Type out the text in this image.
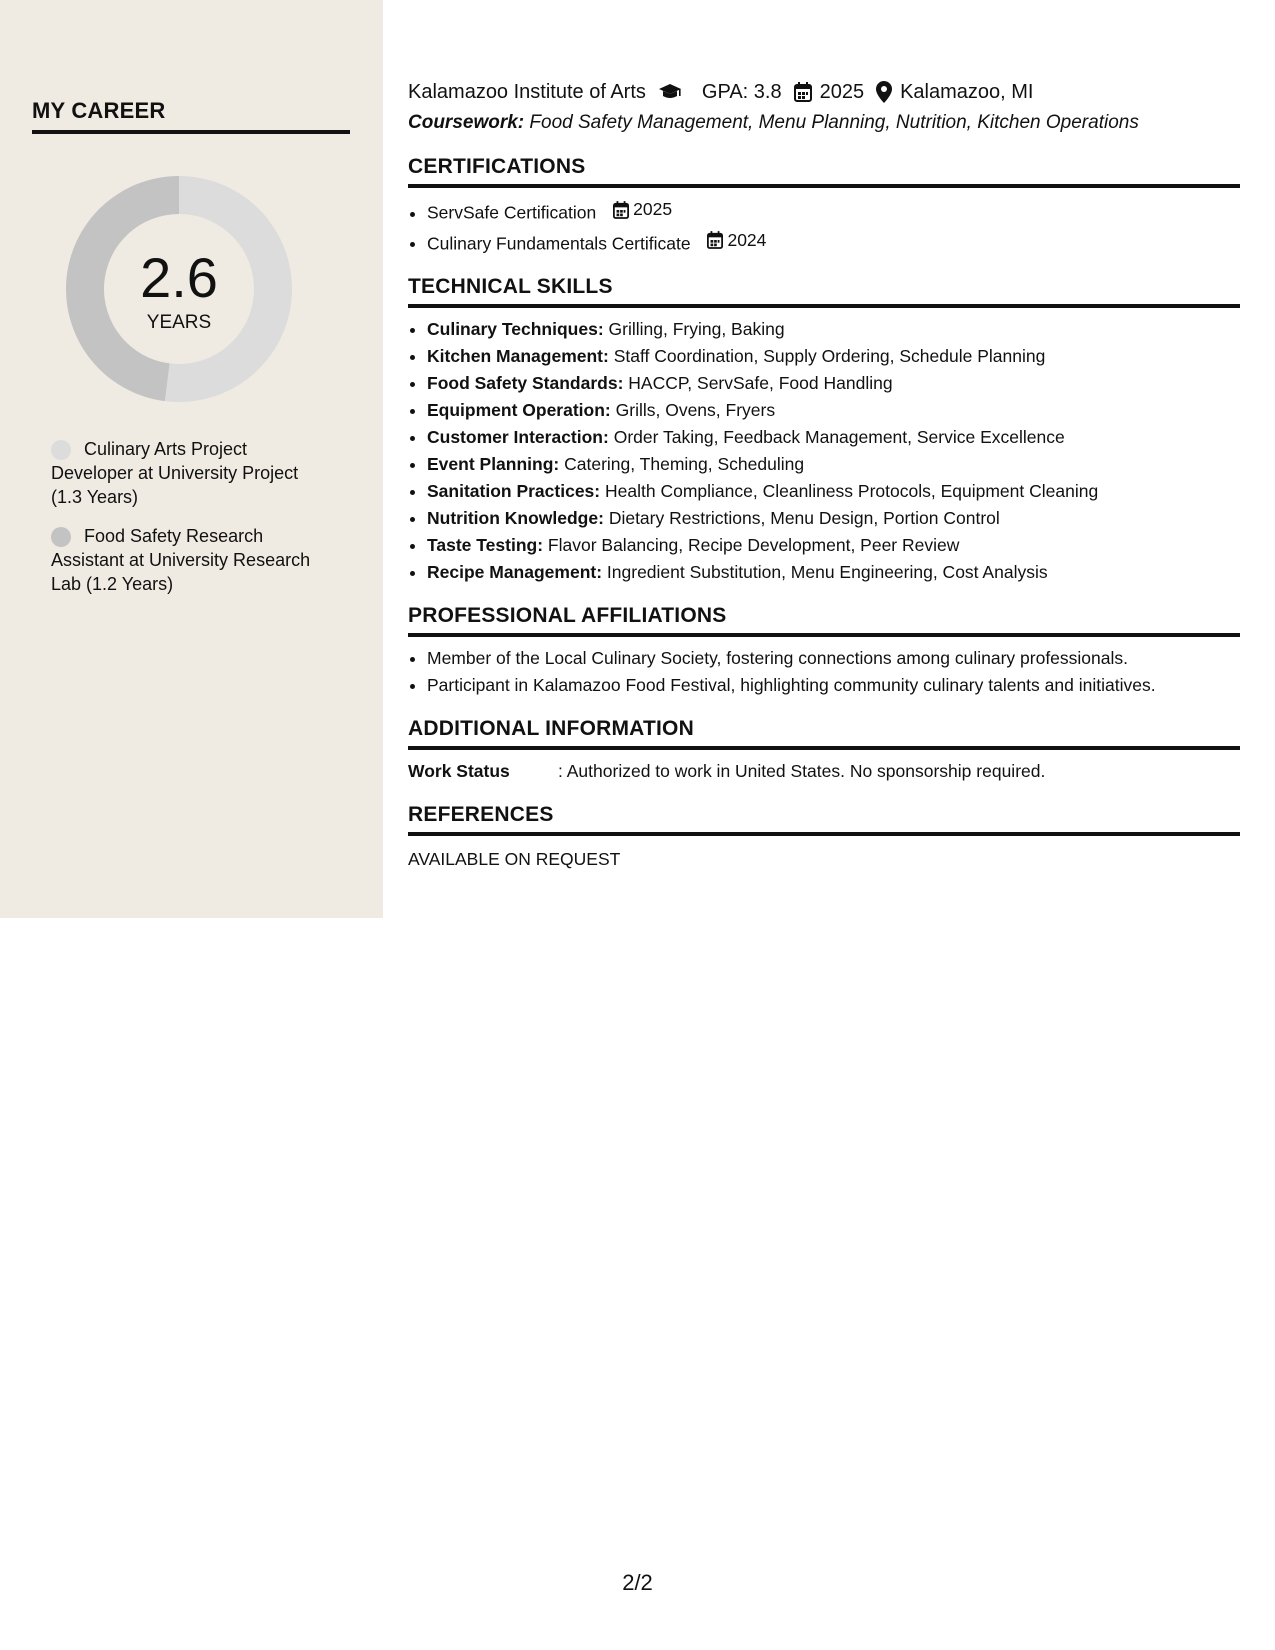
MY CAREER
2.6
YEARS
Culinary Arts Project Developer at University Project (1.3 Years)
Food Safety Research Assistant at University Research Lab (1.2 Years)
Kalamazoo Institute of Arts	GPA: 3.8 2025 Kalamazoo, MI
Coursework: Food Safety Management, Menu Planning, Nutrition, Kitchen Operations
CERTIFICATIONS
• ServSafe Certification 2025
• Culinary Fundamentals Certificate 2024
TECHNICAL SKILLS
• Culinary Techniques: Grilling, Frying, Baking
• Kitchen Management: Staff Coordination, Supply Ordering, Schedule Planning
• Food Safety Standards: HACCP, ServSafe, Food Handling
• Equipment Operation: Grills, Ovens, Fryers
• Customer Interaction: Order Taking, Feedback Management, Service Excellence
• Event Planning: Catering, Theming, Scheduling
• Sanitation Practices: Health Compliance, Cleanliness Protocols, Equipment Cleaning
• Nutrition Knowledge: Dietary Restrictions, Menu Design, Portion Control
• Taste Testing: Flavor Balancing, Recipe Development, Peer Review
• Recipe Management: Ingredient Substitution, Menu Engineering, Cost Analysis
PROFESSIONAL AFFILIATIONS
• Member of the Local Culinary Society, fostering connections among culinary professionals.
• Participant in Kalamazoo Food Festival, highlighting community culinary talents and initiatives.
ADDITIONAL INFORMATION
Work Status	: Authorized to work in United States. No sponsorship required.
REFERENCES
AVAILABLE ON REQUEST
2/2
